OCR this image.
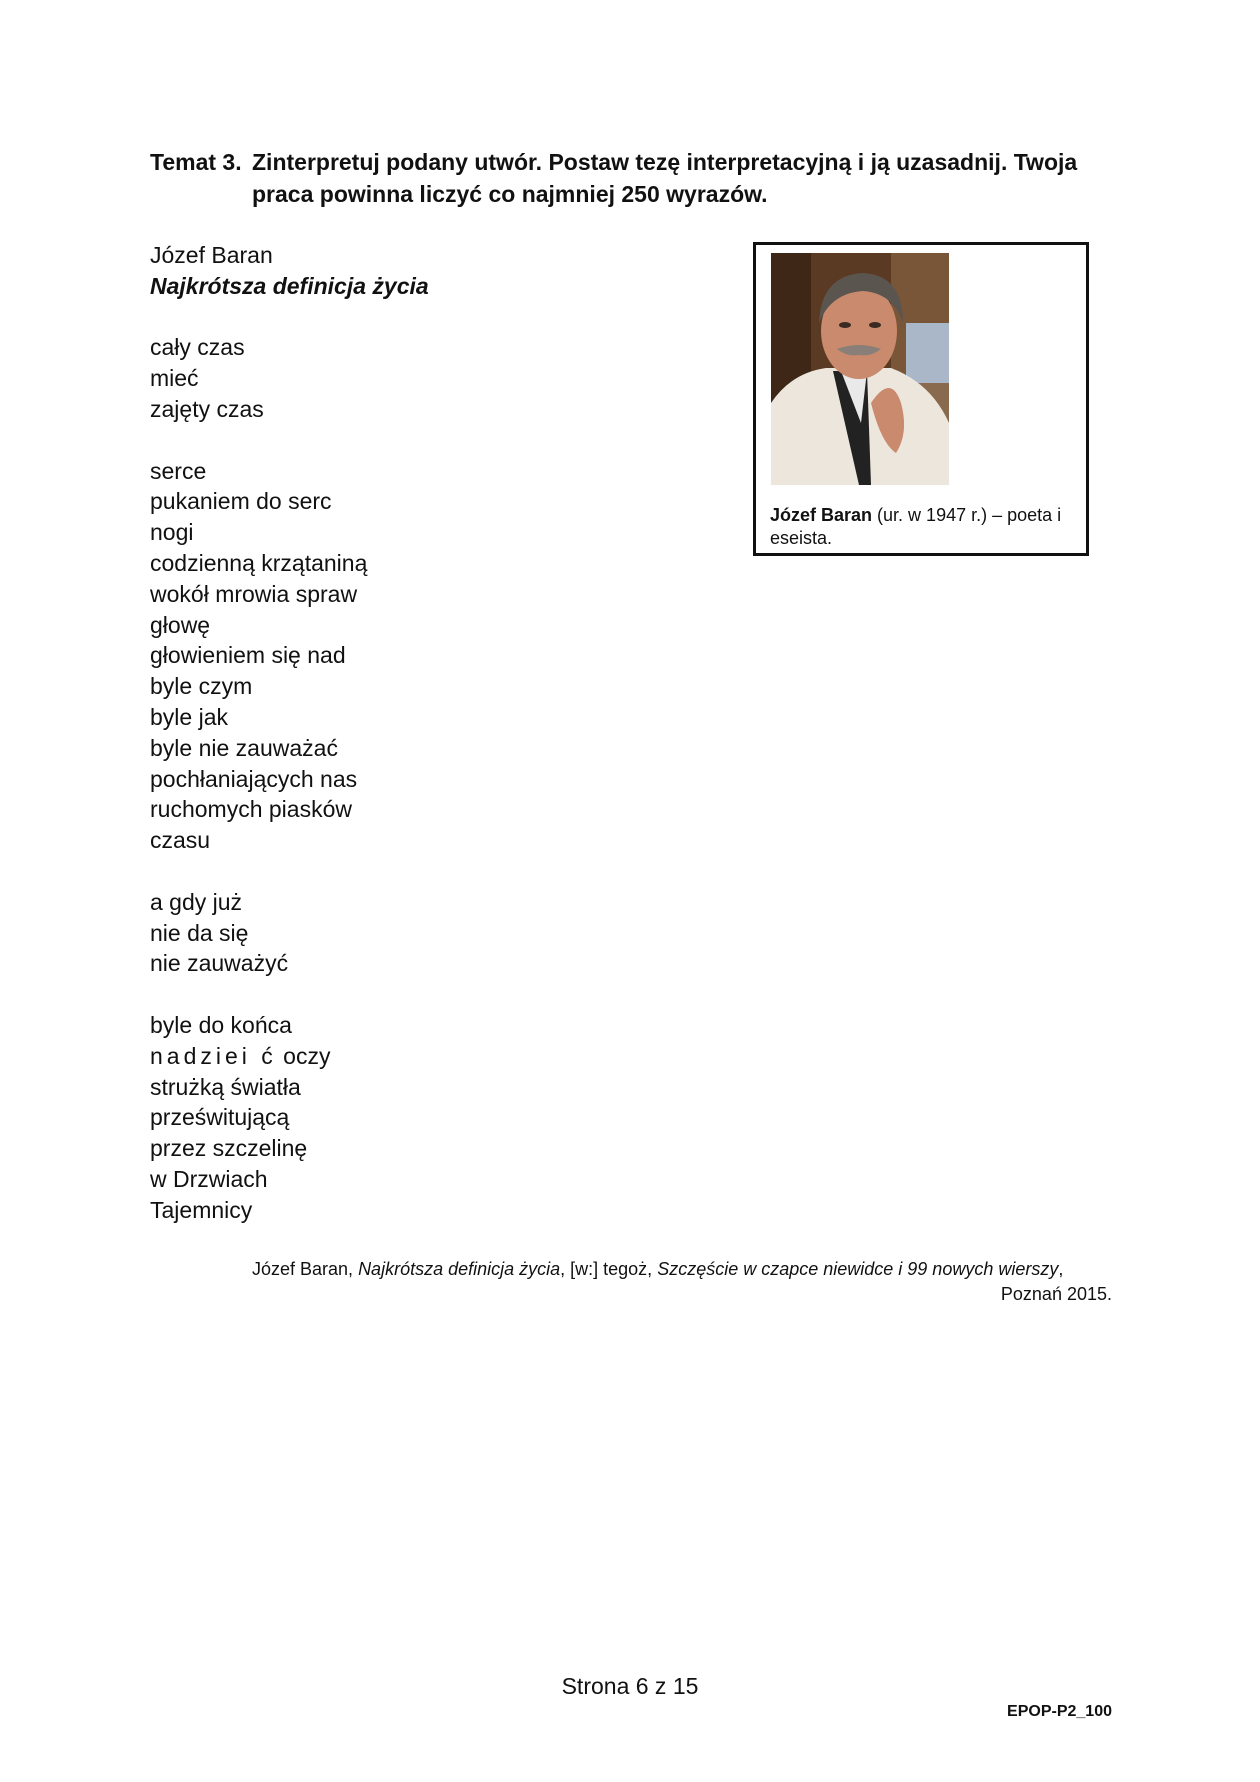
Temat 3. Zinterpretuj podany utwór. Postaw tezę interpretacyjną i ją uzasadnij. Twoja
praca powinna liczyć co najmniej 250 wyrazów.
Józef Baran
Najkrótsza definicja życia
cały czas
mieć
zajęty czas
serce
pukaniem do serc
nogi
codzienną krzątaniną
wokół mrowia spraw
głowę
głowieniem się nad
byle czym
byle jak
byle nie zauważać
pochłaniających nas
ruchomych piasków
czasu
a gdy już
nie da się
nie zauważyć
byle do końca
nadziei ć oczy
strużką światła
prześwitującą
przez szczelinę
w Drzwiach
Tajemnicy
Józef Baran (ur. w 1947 r.) – poeta i eseista.
Józef Baran, Najkrótsza definicja życia, [w:] tegoż, Szczęście w czapce niewidce i 99 nowych wierszy,
Poznań 2015.
Strona 6 z 15
EPOP-P2_100
